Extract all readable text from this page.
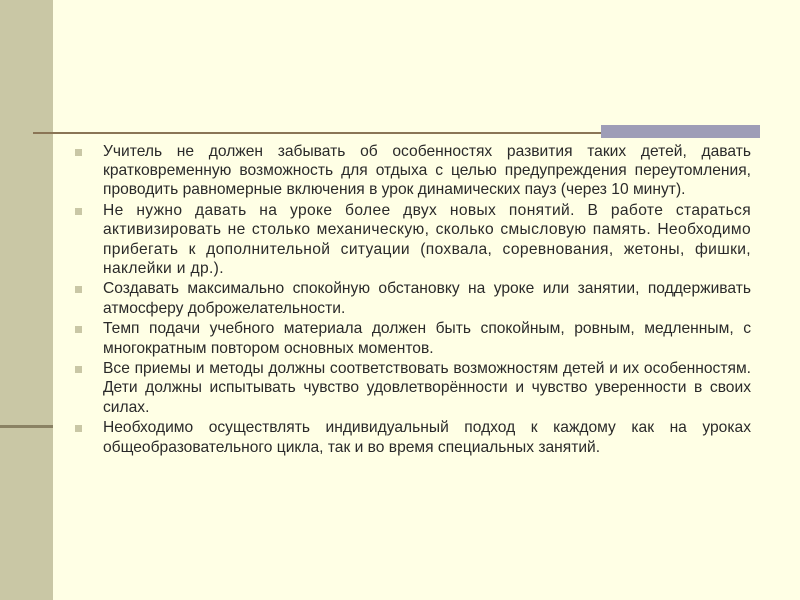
Учитель не должен забывать об особенностях развития таких детей, давать кратковременную возможность для отдыха с целью предупреждения переутомления, проводить равномерные включения в урок динамических пауз (через 10 минут).
Не нужно давать на уроке более двух новых понятий. В работе стараться активизировать не столько механическую, сколько смысловую память. Необходимо прибегать к дополнительной ситуации (похвала, соревнования, жетоны, фишки, наклейки и др.).
Создавать максимально спокойную обстановку на уроке или занятии, поддерживать атмосферу доброжелательности.
Темп подачи учебного материала должен быть спокойным, ровным, медленным, с многократным повтором основных моментов.
Все приемы и методы должны соответствовать возможностям детей и их особенностям. Дети должны испытывать чувство удовлетворённости и чувство уверенности в своих силах.
Необходимо осуществлять индивидуальный подход к каждому как на уроках общеобразовательного цикла, так и во время специальных занятий.
